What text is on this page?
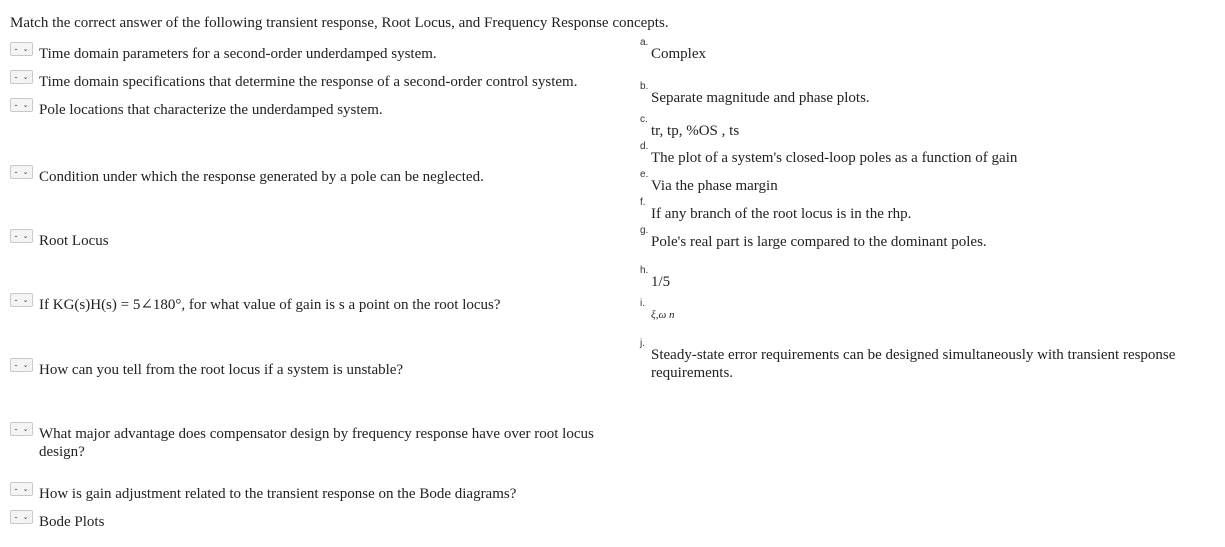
Match the correct answer of the following transient response, Root Locus, and Frequency Response concepts.
- ⌄ Time domain parameters for a second-order underdamped system.
- ⌄ Time domain specifications that determine the response of a second-order control system.
- ⌄ Pole locations that characterize the underdamped system.
- ⌄ Condition under which the response generated by a pole can be neglected.
- ⌄ Root Locus
- ⌄ If KG(s)H(s) = 5∠180°, for what value of gain is s a point on the root locus?
- ⌄ How can you tell from the root locus if a system is unstable?
- ⌄ What major advantage does compensator design by frequency response have over root locus design?
- ⌄ How is gain adjustment related to the transient response on the Bode diagrams?
- ⌄ Bode Plots
a.
Complex
b.
Separate magnitude and phase plots.
c.
tr, tp, %OS , ts
d.
The plot of a system's closed-loop poles as a function of gain
e.
Via the phase margin
f.
If any branch of the root locus is in the rhp.
g.
Pole's real part is large compared to the dominant poles.
h.
1/5
i.
ξ,ω n
j.
Steady-state error requirements can be designed simultaneously with transient response requirements.
